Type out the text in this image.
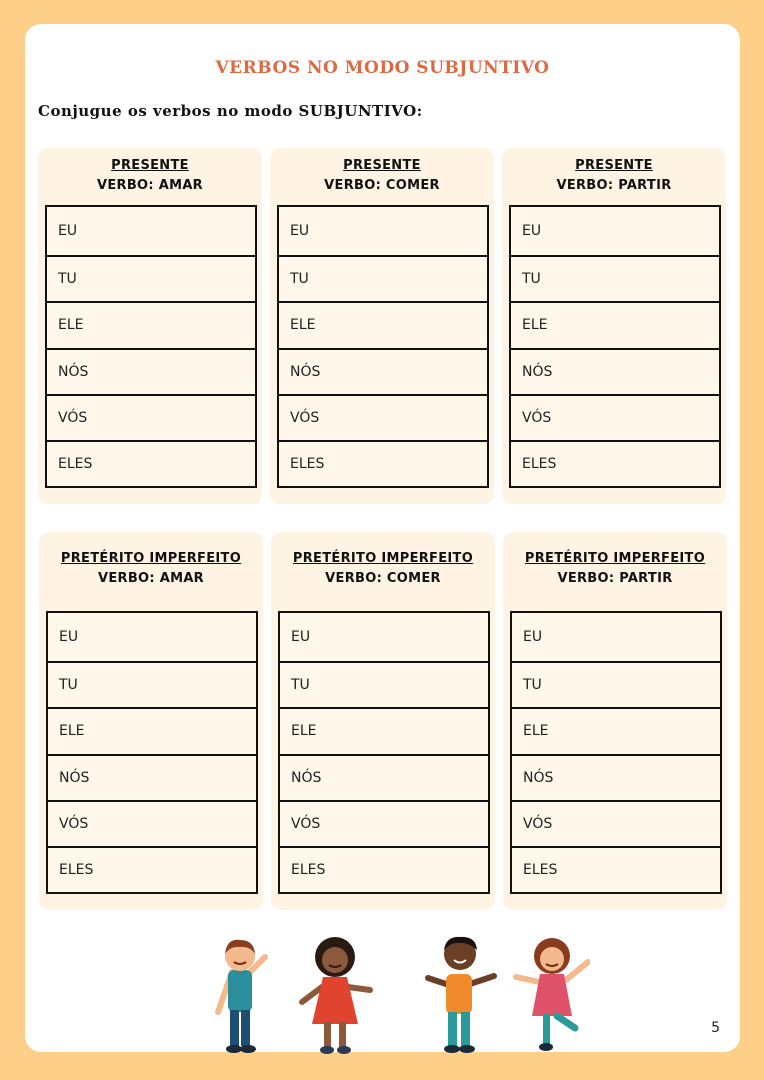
VERBOS NO MODO SUBJUNTIVO
Conjugue os verbos no modo SUBJUNTIVO:
PRESENTE
VERBO: AMAR
EU
TU
ELE
NÓS
VÓS
ELES
PRESENTE
VERBO: COMER
EU
TU
ELE
NÓS
VÓS
ELES
PRESENTE
VERBO: PARTIR
EU
TU
ELE
NÓS
VÓS
ELES
PRETÉRITO IMPERFEITO
VERBO: AMAR
EU
TU
ELE
NÓS
VÓS
ELES
PRETÉRITO IMPERFEITO
VERBO: COMER
EU
TU
ELE
NÓS
VÓS
ELES
PRETÉRITO IMPERFEITO
VERBO: PARTIR
EU
TU
ELE
NÓS
VÓS
ELES
5
